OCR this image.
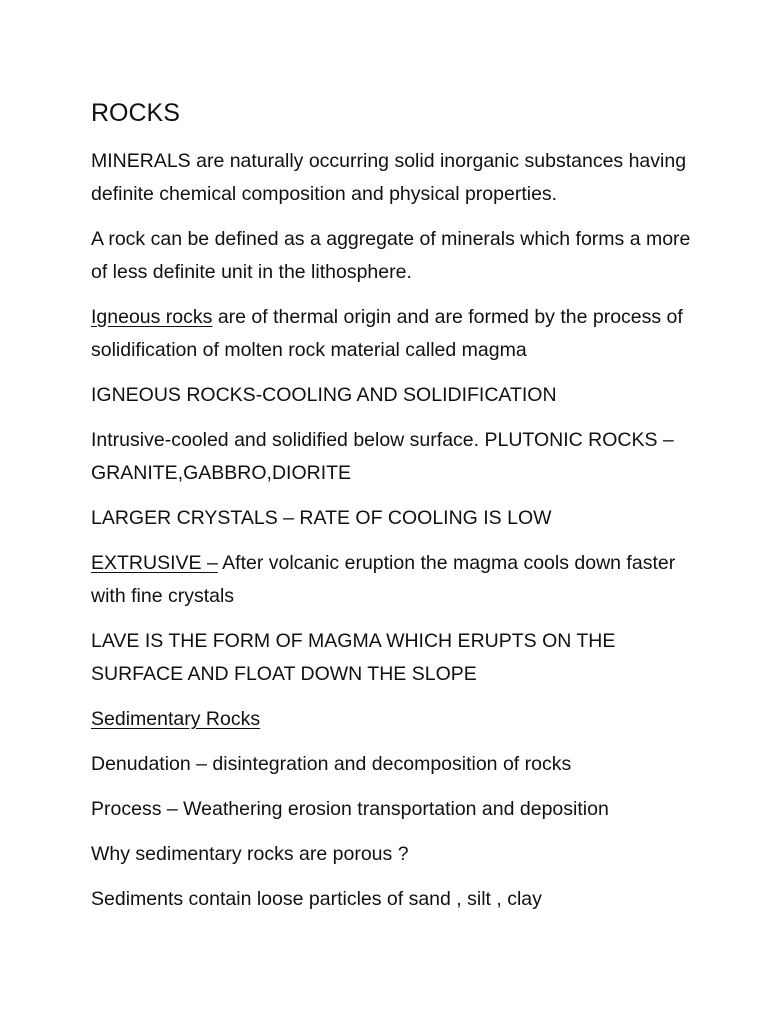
ROCKS

MINERALS are naturally occurring solid inorganic substances having definite chemical composition and physical properties.

A rock can be defined as a aggregate of minerals which forms a more of less definite unit in the lithosphere.

Igneous rocks are of thermal origin and are formed by the process of solidification of molten rock material called magma

IGNEOUS ROCKS-COOLING AND SOLIDIFICATION

Intrusive-cooled and solidified below surface. PLUTONIC ROCKS – GRANITE,GABBRO,DIORITE

LARGER CRYSTALS – RATE OF COOLING IS LOW

EXTRUSIVE – After volcanic eruption the magma cools down faster with fine crystals

LAVE IS THE FORM OF MAGMA WHICH ERUPTS ON THE SURFACE AND FLOAT DOWN THE SLOPE

Sedimentary Rocks

Denudation – disintegration and decomposition of rocks

Process – Weathering erosion transportation and deposition

Why sedimentary rocks are porous ?

Sediments contain loose particles of sand , silt , clay
